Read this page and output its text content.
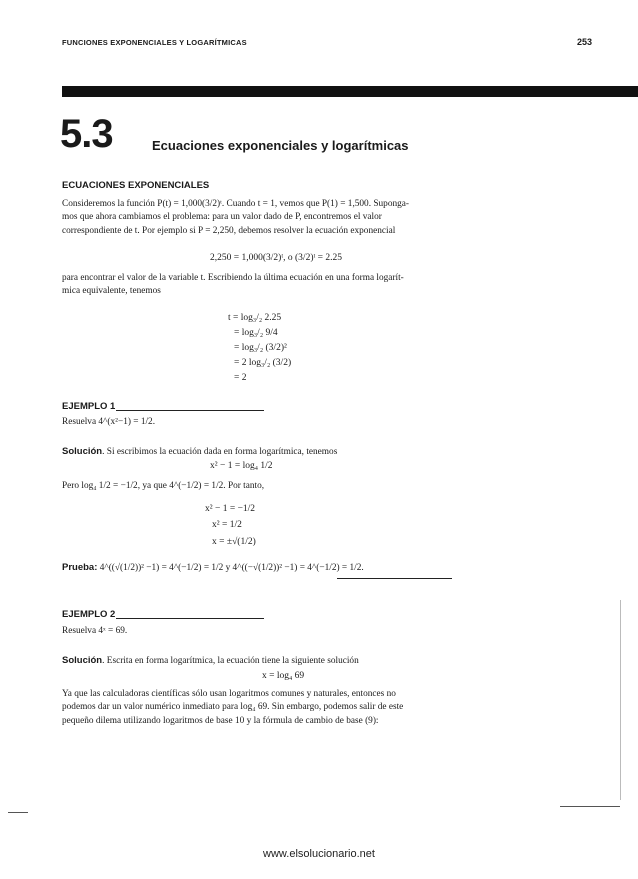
FUNCIONES EXPONENCIALES Y LOGARÍTMICAS	253
5.3	Ecuaciones exponenciales y logarítmicas
ECUACIONES EXPONENCIALES
Consideremos la función P(t) = 1,000(3/2)ᵗ. Cuando t = 1, vemos que P(1) = 1,500. Suponga-
mos que ahora cambiamos el problema: para un valor dado de P, encontremos el valor
correspondiente de t. Por ejemplo si P = 2,250, debemos resolver la ecuación exponencial
2,250 = 1,000(3/2)ᵗ, o (3/2)ᵗ = 2.25
para encontrar el valor de la variable t. Escribiendo la última ecuación en una forma logarít-
mica equivalente, tenemos
t = log₃/₂ 2.25
= log₃/₂ 9/4
= log₃/₂ (3/2)²
= 2 log₃/₂ (3/2)
= 2
EJEMPLO 1
Resuelva 4^(x²−1) = 1/2.
Solución. Si escribimos la ecuación dada en forma logarítmica, tenemos
x² − 1 = log₄ 1/2
Pero log₄ 1/2 = −1/2, ya que 4^(−1/2) = 1/2. Por tanto,
x² − 1 = −1/2
x² = 1/2
x = ±√(1/2)
Prueba: 4^((√(1/2))² −1) = 4^(−1/2) = 1/2 y 4^((−√(1/2))² −1) = 4^(−1/2) = 1/2.
EJEMPLO 2
Resuelva 4ˣ = 69.
Solución. Escrita en forma logarítmica, la ecuación tiene la siguiente solución
x = log₄ 69
Ya que las calculadoras científicas sólo usan logaritmos comunes y naturales, entonces no
podemos dar un valor numérico inmediato para log₄ 69. Sin embargo, podemos salir de este
pequeño dilema utilizando logaritmos de base 10 y la fórmula de cambio de base (9):
www.elsolucionario.net
